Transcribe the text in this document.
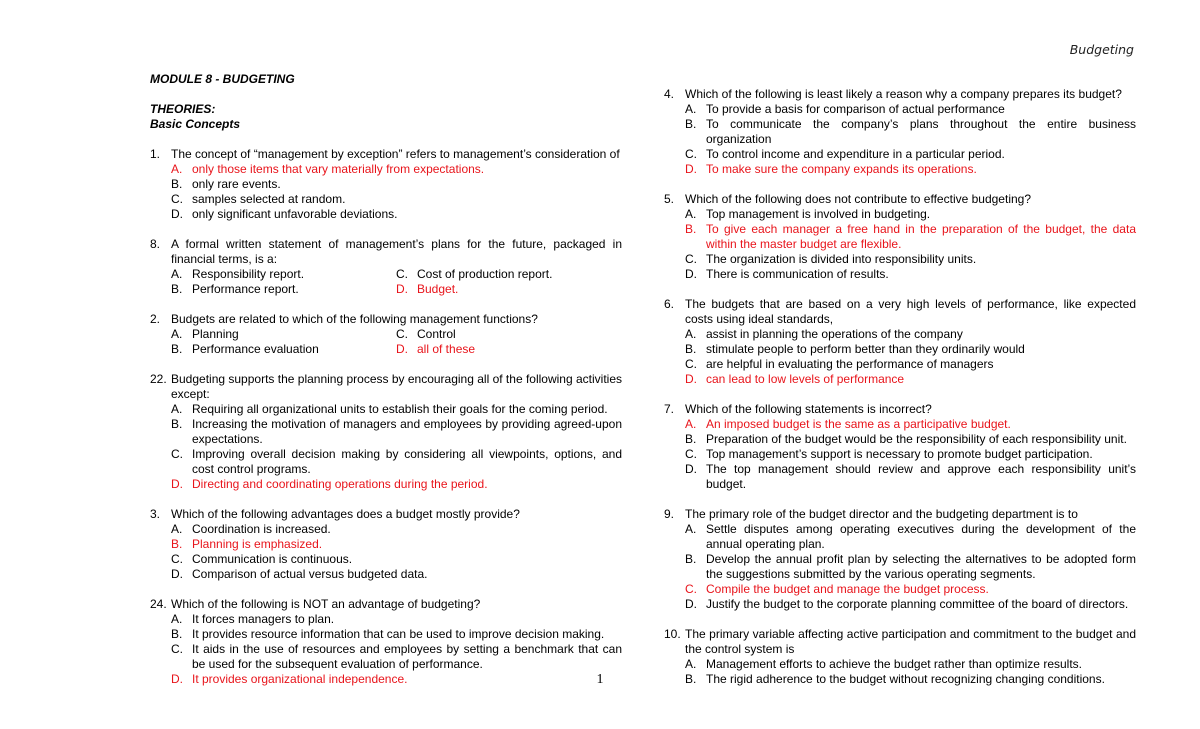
Budgeting
MODULE 8 - BUDGETING
THEORIES:
Basic Concepts
1. The concept of “management by exception” refers to management’s consideration of
A. only those items that vary materially from expectations.
B. only rare events.
C. samples selected at random.
D. only significant unfavorable deviations.
8. A formal written statement of management’s plans for the future, packaged in financial terms, is a:
A. Responsibility report.	C. Cost of production report.
B. Performance report.	D. Budget.
2. Budgets are related to which of the following management functions?
A. Planning	C. Control
B. Performance evaluation	D. all of these
22. Budgeting supports the planning process by encouraging all of the following activities except:
A. Requiring all organizational units to establish their goals for the coming period.
B. Increasing the motivation of managers and employees by providing agreed-upon expectations.
C. Improving overall decision making by considering all viewpoints, options, and cost control programs.
D. Directing and coordinating operations during the period.
3. Which of the following advantages does a budget mostly provide?
A. Coordination is increased.
B. Planning is emphasized.
C. Communication is continuous.
D. Comparison of actual versus budgeted data.
24. Which of the following is NOT an advantage of budgeting?
A. It forces managers to plan.
B. It provides resource information that can be used to improve decision making.
C. It aids in the use of resources and employees by setting a benchmark that can be used for the subsequent evaluation of performance.
D. It provides organizational independence.
4. Which of the following is least likely a reason why a company prepares its budget?
A. To provide a basis for comparison of actual performance
B. To communicate the company’s plans throughout the entire business organization
C. To control income and expenditure in a particular period.
D. To make sure the company expands its operations.
5. Which of the following does not contribute to effective budgeting?
A. Top management is involved in budgeting.
B. To give each manager a free hand in the preparation of the budget, the data within the master budget are flexible.
C. The organization is divided into responsibility units.
D. There is communication of results.
6. The budgets that are based on a very high levels of performance, like expected costs using ideal standards,
A. assist in planning the operations of the company
B. stimulate people to perform better than they ordinarily would
C. are helpful in evaluating the performance of managers
D. can lead to low levels of performance
7. Which of the following statements is incorrect?
A. An imposed budget is the same as a participative budget.
B. Preparation of the budget would be the responsibility of each responsibility unit.
C. Top management’s support is necessary to promote budget participation.
D. The top management should review and approve each responsibility unit’s budget.
9. The primary role of the budget director and the budgeting department is to
A. Settle disputes among operating executives during the development of the annual operating plan.
B. Develop the annual profit plan by selecting the alternatives to be adopted form the suggestions submitted by the various operating segments.
C. Compile the budget and manage the budget process.
D. Justify the budget to the corporate planning committee of the board of directors.
10. The primary variable affecting active participation and commitment to the budget and the control system is
A. Management efforts to achieve the budget rather than optimize results.
B. The rigid adherence to the budget without recognizing changing conditions.
1
